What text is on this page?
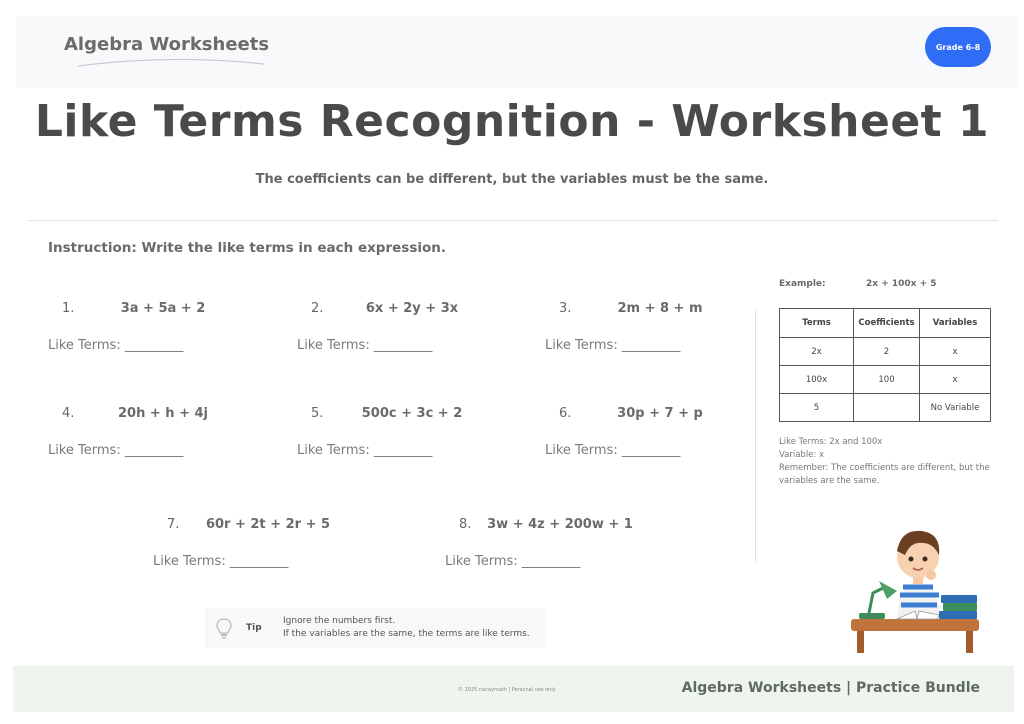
Algebra Worksheets	Grade 6-8
Like Terms Recognition - Worksheet 1
The coefficients can be different, but the variables must be the same.
Instruction: Write the like terms in each expression.
1.	3a + 5a + 2
Like Terms: _________
2.	6x + 2y + 3x
Like Terms: _________
3.	2m + 8 + m
Like Terms: _________
4.	20h + h + 4j
Like Terms: _________
5.	500c + 3c + 2
Like Terms: _________
6.	30p + 7 + p
Like Terms: _________
7.	60r + 2t + 2r + 5
Like Terms: _________
8.	3w + 4z + 200w + 1
Like Terms: _________
Example:	2x + 100x + 5
Terms	Coefficients	Variables
2x	2	x
100x	100	x
5		No Variable
Like Terms: 2x and 100x
Variable: x
Remember: The coefficients are different, but the variables are the same.
Tip
Ignore the numbers first.
If the variables are the same, the terms are like terms.
© 2025 nacaymath | Personal use only	Algebra Worksheets | Practice Bundle
